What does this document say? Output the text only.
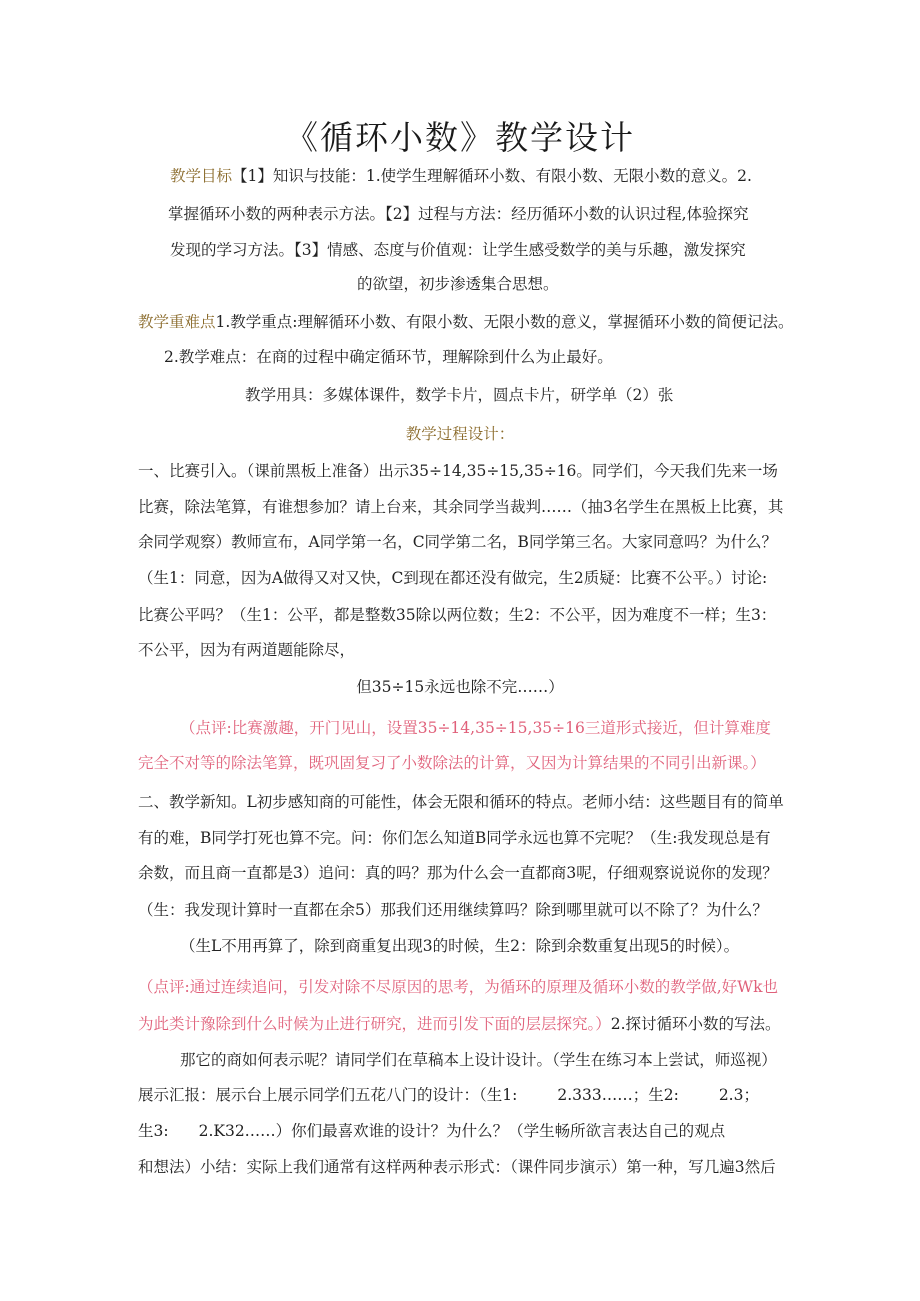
《循环小数》教学设计
教学目标【1】知识与技能：1.使学生理解循环小数、有限小数、无限小数的意义。2.
掌握循环小数的两种表示方法。【2】过程与方法：经历循环小数的认识过程,体验探究
发现的学习方法。【3】情感、态度与价值观：让学生感受数学的美与乐趣，激发探究
的欲望，初步渗透集合思想。
教学重难点1.教学重点:理解循环小数、有限小数、无限小数的意义，掌握循环小数的简便记法。
2.教学难点：在商的过程中确定循环节，理解除到什么为止最好。
教学用具：多媒体课件，数学卡片，圆点卡片，研学单（2）张
教学过程设计：
一、比赛引入。（课前黑板上准备）出示35÷14,35÷15,35÷16。同学们，今天我们先来一场
比赛，除法笔算，有谁想参加？请上台来，其余同学当裁判……（抽3名学生在黑板上比赛，其
余同学观察）教师宣布，A同学第一名，C同学第二名，B同学第三名。大家同意吗？为什么？
（生1：同意，因为A做得又对又快，C到现在都还没有做完，生2质疑：比赛不公平。）讨论:
比赛公平吗？（生1：公平，都是整数35除以两位数；生2：不公平，因为难度不一样；生3：
不公平，因为有两道题能除尽，
但35÷15永远也除不完……）
（点评:比赛激趣，开门见山，设置35÷14,35÷15,35÷16三道形式接近，但计算难度
完全不对等的除法笔算，既巩固复习了小数除法的计算，又因为计算结果的不同引出新课。）
二、教学新知。L初步感知商的可能性，体会无限和循环的特点。老师小结：这些题目有的简单
有的难，B同学打死也算不完。问：你们怎么知道B同学永远也算不完呢？（生:我发现总是有
余数，而且商一直都是3）追问：真的吗？那为什么会一直都商3呢，仔细观察说说你的发现？
（生：我发现计算时一直都在余5）那我们还用继续算吗？除到哪里就可以不除了？为什么？
（生L不用再算了，除到商重复出现3的时候，生2：除到余数重复出现5的时候）。
（点评:通过连续追问，引发对除不尽原因的思考，为循环的原理及循环小数的教学做,好Wk也
为此类计豫除到什么时候为止进行研究，进而引发下面的层层探究。）2.探讨循环小数的写法。
那它的商如何表示呢？请同学们在草稿本上设计设计。（学生在练习本上尝试，师巡视）
展示汇报：展示台上展示同学们五花八门的设计：（生1:	2.333……；生2:	2.3；
生3: 2.K32……）你们最喜欢谁的设计？为什么？（学生畅所欲言表达自己的观点
和想法）小结：实际上我们通常有这样两种表示形式：（课件同步演示）第一种，写几遍3然后
